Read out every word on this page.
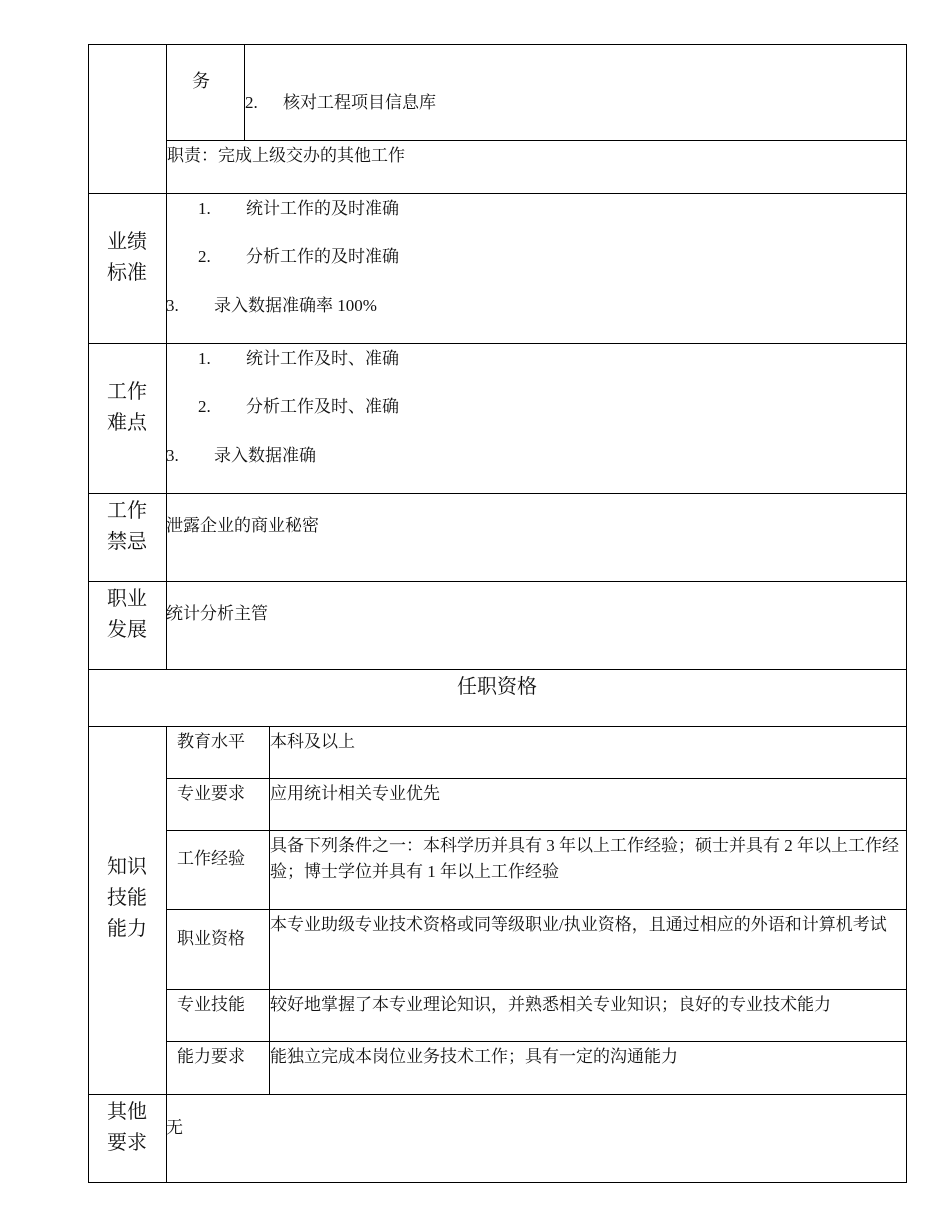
务
2. 核对工程项目信息库
职责：完成上级交办的其他工作
业绩标准
1. 统计工作的及时准确
2. 分析工作的及时准确
3. 录入数据准确率 100%
工作难点
1. 统计工作及时、准确
2. 分析工作及时、准确
3. 录入数据准确
工作禁忌
泄露企业的商业秘密
职业发展
统计分析主管
任职资格
知识技能能力
教育水平 本科及以上
专业要求 应用统计相关专业优先
工作经验
具备下列条件之一：本科学历并具有 3 年以上工作经验；硕士并具有 2 年以上工作经验；博士学位并具有 1 年以上工作经验
职业资格
本专业助级专业技术资格或同等级职业/执业资格，且通过相应的外语和计算机考试
专业技能 较好地掌握了本专业理论知识，并熟悉相关专业知识；良好的专业技术能力
能力要求 能独立完成本岗位业务技术工作；具有一定的沟通能力
其他要求
无
